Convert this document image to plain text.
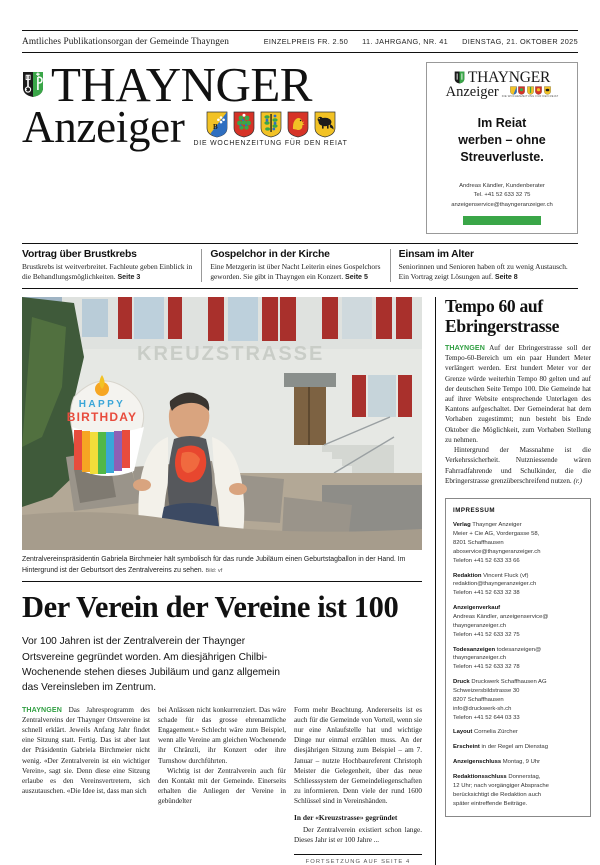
Amtliches Publikationsorgan der Gemeinde Thayngen	EINZELPREIS FR. 2.50 11. JAHRGANG, NR. 41 DIENSTAG, 21. OKTOBER 2025
THAYNGER
Anzeiger	B
DIE WOCHENZEITUNG FÜR DEN REIAT
THAYNGER
Anzeiger DIE WOCHENZEITUNG FÜR DEN REIAT
Im Reiat
werben – ohne
Streuverluste.
Andreas Kändler, Kundenberater
Tel. +41 52 633 32 75
anzeigenservice@thayngeranzeiger.ch
Vortrag über Brustkrebs
Brustkrebs ist weitverbreitet. Fachleute geben Einblick in die Behandlungsmöglichkeiten. Seite 3
Gospelchor in der Kirche
Eine Metzgerin ist über Nacht Leiterin eines Gospelchors geworden. Sie gibt in Thayngen ein Konzert. Seite 5
Einsam im Alter
Seniorinnen und Senioren haben oft zu wenig Austausch. Ein Vortrag zeigt Lösungen auf. Seite 8
KREUZSTRASSE
HAPPY
BIRTHDAY
Zentralvereinspräsidentin Gabriela Birchmeier hält symbolisch für das runde Jubiläum einen Geburtstagballon in der Hand. Im Hintergrund ist der Geburtsort des Zentralvereins zu sehen. Bild: vf
Der Verein der Vereine ist 100
Vor 100 Jahren ist der Zentralverein der Thaynger Ortsvereine gegründet worden. Am diesjährigen Chilbi-Wochenende stehen dieses Jubiläum und ganz allgemein das Vereinsleben im Zentrum.

THAYNGEN Das Jahresprogramm des Zentralvereins der Thaynger Ortsvereine ist schnell erklärt. Jeweils Anfang Jahr findet eine Sitzung statt. Fertig. Das ist aber laut der Präsidentin Gabriela Birchmeier nicht wenig. «Der Zentralverein ist ein wichtiger Verein», sagt sie. Denn diese eine Sitzung erlaube es den Vereinsvertretern, sich auszutauschen. «Die Idee ist, dass man sich

bei Anlässen nicht konkurrenziert. Das wäre schade für das grosse ehrenamtliche Engagement.» Schlecht wäre zum Beispiel, wenn alle Vereine am gleichen Wochenende ihr Chränzli, ihr Konzert oder ihre Turnshow durchführten.

Wichtig ist der Zentralverein auch für den Kontakt mit der Gemeinde. Einerseits erhalten die Anliegen der Vereine in gebündelter

Form mehr Beachtung. Andererseits ist es auch für die Gemeinde von Vorteil, wenn sie nur eine Anlaufstelle hat und wichtige Dinge nur einmal erzählen muss. An der diesjährigen Sitzung zum Beispiel – am 7. Januar – nutzte Hochbaureferent Christoph Meister die Gelegenheit, über das neue Schliesssystem der Gemeindeliegenschaften zu informieren. Denn viele der rund 1600 Schlüssel sind in Vereinshänden.

In der «Kreuzstrasse» gegründet

Der Zentralverein existiert schon lange. Dieses Jahr ist er 100 Jahre ...

FORTSETZUNG AUF SEITE 4
Tempo 60 auf Ebringerstrasse

THAYNGEN Auf der Ebringerstrasse soll der Tempo-60-Bereich um ein paar Hundert Meter verlängert werden. Erst hundert Meter vor der Grenze würde weiterhin Tempo 80 gelten und auf der deutschen Seite Tempo 100. Die Gemeinde hat auf ihrer Website entsprechende Unterlagen des Kantons aufgeschaltet. Der Gemeinderat hat dem Vorhaben zugestimmt; nun besteht bis Ende Oktober die Möglichkeit, zum Vorhaben Stellung zu nehmen.

Hintergrund der Massnahme ist die Verkehrssicherheit. Nutzniessende wären Fahrradfahrende und Schulkinder, die die Ebringerstrasse grenzüberschreifend nutzen. (r.)

IMPRESSUM
Verlag Thaynger Anzeiger
Meier + Cie AG, Vordergasse 58,
8201 Schaffhausen
aboservice@thayngeranzeiger.ch
Telefon +41 52 633 33 66
Redaktion Vincent Fluck (vf)
redaktion@thayngeranzeiger.ch
Telefon +41 52 633 32 38
Anzeigenverkauf
Andreas Kändler, anzeigenservice@
thayngeranzeiger.ch
Telefon +41 52 633 32 75
Todesanzeigen todesanzeigen@
thayngeranzeiger.ch
Telefon +41 52 633 32 78
Druck Druckwerk Schaffhausen AG
Schweizersbildstrasse 30
8207 Schaffhausen
info@druckwerk-sh.ch
Telefon +41 52 644 03 33
Layout Cornelia Zürcher
Erscheint in der Regel am Dienstag
Anzeigenschluss Montag, 9 Uhr
Redaktionsschluss Donnerstag,
12 Uhr; nach vorgängiger Absprache
berücksichtigt die Redaktion auch
später eintreffende Beiträge.
